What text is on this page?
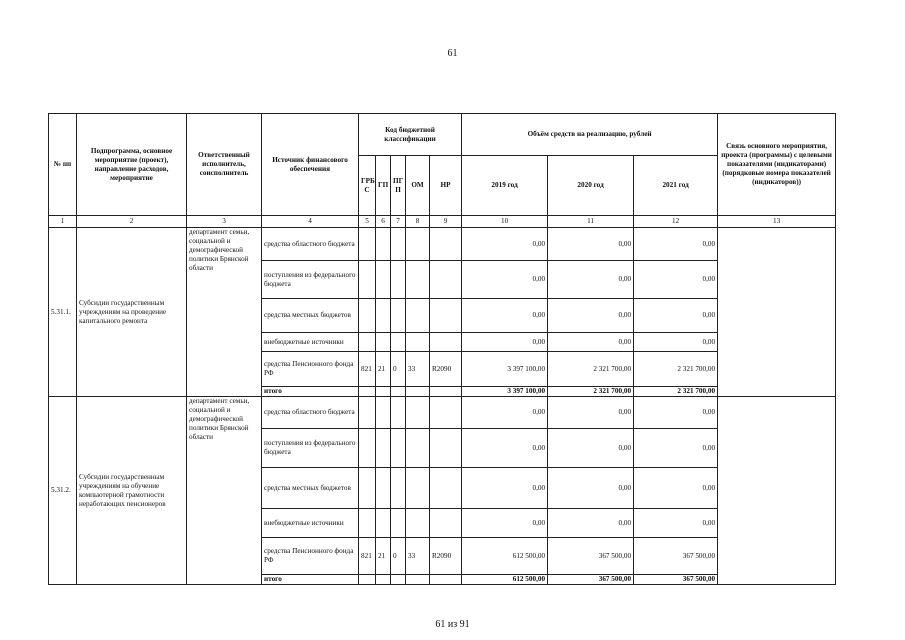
61
№ пп	Подпрограмма, основное мероприятие (проект), направление расходов, мероприятие	Ответственный исполнитель, соисполнитель	Источник финансового обеспечения	Код бюджетной классификации					Объём средств на реализацию, рублей			Связь основного мероприятия, проекта (программы) с целевыми показателями (индикаторами) (порядковые номера показателей (индикаторов))
				ГРБ С	ГП	ПГ П	ОМ	НР	2019 год	2020 год	2021 год	
1	2	3	4	5	6	7	8	9	10	11	12	13
5.31.1.	Субсидии государственным учреждениям на проведение капитального ремонта	департамент семьи, социальной и демографической политики Брянской области	средства областного бюджета						0,00	0,00	0,00	
			поступления из федерального бюджета						0,00	0,00	0,00	
			средства местных бюджетов						0,00	0,00	0,00	
			внебюджетные источники						0,00	0,00	0,00	
			средства Пенсионного фонда РФ	821	21	0	33	R2090	3 397 100,00	2 321 700,00	2 321 700,00	
			итого						3 397 100,00	2 321 700,00	2 321 700,00	
5.31.2.	Субсидии государственным учреждениям на обучение компьютерной грамотности неработающих пенсионеров	департамент семьи, социальной и демографической политики Брянской области	средства областного бюджета						0,00	0,00	0,00	
			поступления из федерального бюджета						0,00	0,00	0,00	
			средства местных бюджетов						0,00	0,00	0,00	
			внебюджетные источники						0,00	0,00	0,00	
			средства Пенсионного фонда РФ	821	21	0	33	R2090	612 500,00	367 500,00	367 500,00	
			итого						612 500,00	367 500,00	367 500,00	
61 из 91
